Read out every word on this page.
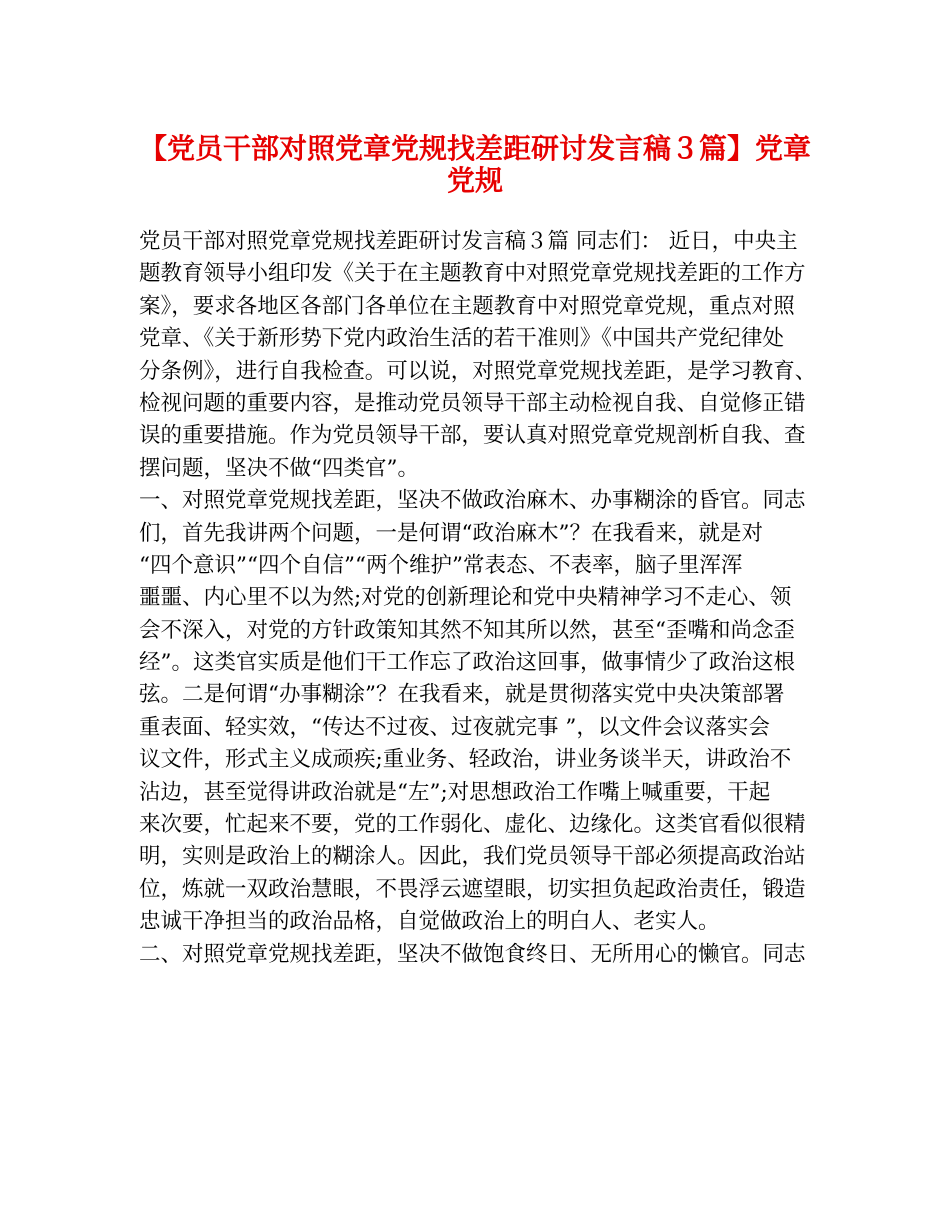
【党员干部对照党章党规找差距研讨发言稿３篇】党章
党规
党员干部对照党章党规找差距研讨发言稿３篇 同志们： 近日，中央主
题教育领导小组印发《关于在主题教育中对照党章党规找差距的工作方
案》，要求各地区各部门各单位在主题教育中对照党章党规，重点对照
党章、《关于新形势下党内政治生活的若干准则》《中国共产党纪律处
分条例》，进行自我检查。可以说，对照党章党规找差距，是学习教育、
检视问题的重要内容，是推动党员领导干部主动检视自我、自觉修正错
误的重要措施。作为党员领导干部，要认真对照党章党规剖析自我、查
摆问题，坚决不做“四类官”。
一、对照党章党规找差距，坚决不做政治麻木、办事糊涂的昏官。同志
们，首先我讲两个问题，一是何谓“政治麻木”？在我看来，就是对
“四个意识”“四个自信”“两个维护”常表态、不表率，脑子里浑浑
噩噩、内心里不以为然;对党的创新理论和党中央精神学习不走心、领
会不深入，对党的方针政策知其然不知其所以然，甚至“歪嘴和尚念歪
经”。这类官实质是他们干工作忘了政治这回事，做事情少了政治这根
弦。二是何谓“办事糊涂”？在我看来，就是贯彻落实党中央决策部署
重表面、轻实效，“传达不过夜、过夜就完事 ”，以文件会议落实会
议文件，形式主义成顽疾;重业务、轻政治，讲业务谈半天，讲政治不
沾边，甚至觉得讲政治就是“左”;对思想政治工作嘴上喊重要，干起
来次要，忙起来不要，党的工作弱化、虚化、边缘化。这类官看似很精
明，实则是政治上的糊涂人。因此，我们党员领导干部必须提高政治站
位，炼就一双政治慧眼，不畏浮云遮望眼，切实担负起政治责任，锻造
忠诚干净担当的政治品格，自觉做政治上的明白人、老实人。
二、对照党章党规找差距，坚决不做饱食终日、无所用心的懒官。同志
